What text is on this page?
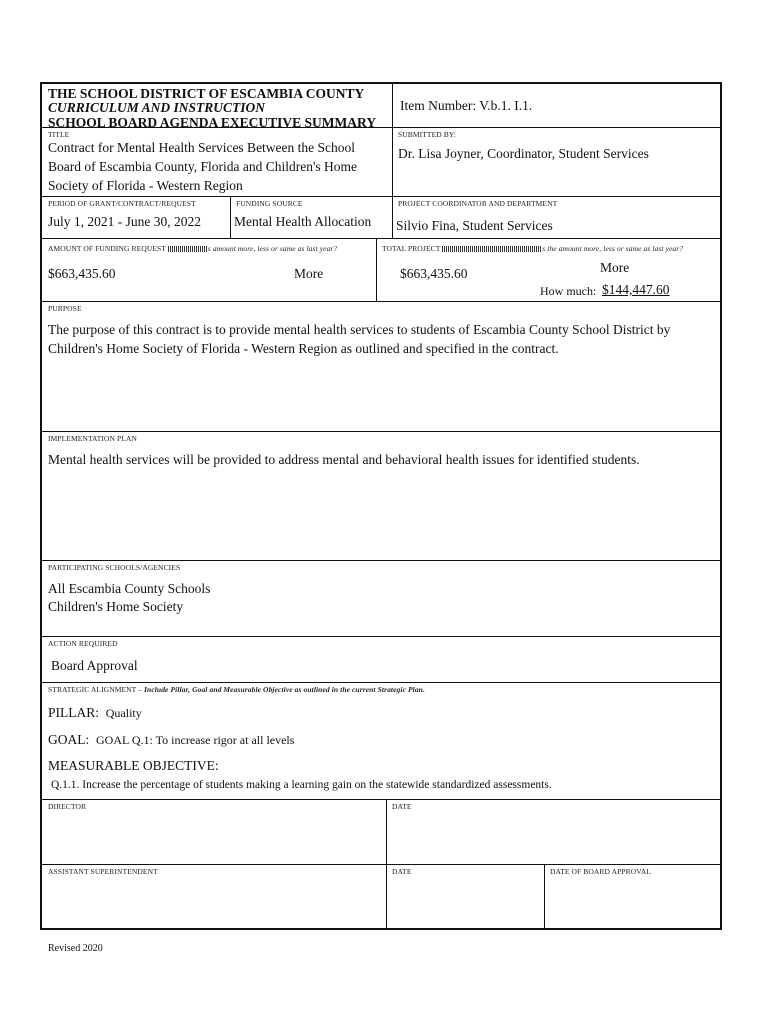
THE SCHOOL DISTRICT OF ESCAMBIA COUNTY
CURRICULUM AND INSTRUCTION
SCHOOL BOARD AGENDA EXECUTIVE SUMMARY
Item Number: V.b.1. I.1.
TITLE
Contract for Mental Health Services Between the School
Board of Escambia County, Florida and Children's Home
Society of Florida - Western Region
SUBMITTED BY:
Dr. Lisa Joyner, Coordinator, Student Services
PERIOD OF GRANT/CONTRACT/REQUEST
July 1, 2021 - June 30, 2022
FUNDING SOURCE
Mental Health Allocation
PROJECT COORDINATOR AND DEPARTMENT
Silvio Fina, Student Services
AMOUNT OF FUNDING REQUEST	s amount more, less or same as last year?
$663,435.60	More
TOTAL PROJECT	s the amount more, less or same as last year?
$663,435.60	More
How much: $144,447.60
PURPOSE
The purpose of this contract is to provide mental health services to students of Escambia County School District by
Children's Home Society of Florida - Western Region as outlined and specified in the contract.
IMPLEMENTATION PLAN
Mental health services will be provided to address mental and behavioral health issues for identified students.
PARTICIPATING SCHOOLS/AGENCIES
All Escambia County Schools
Children's Home Society
ACTION REQUIRED
Board Approval
STRATEGIC ALIGNMENT – Include Pillar, Goal and Measurable Objective as outlined in the current Strategic Plan.
PILLAR: Quality
GOAL: GOAL Q.1: To increase rigor at all levels
MEASURABLE OBJECTIVE:
Q.1.1. Increase the percentage of students making a learning gain on the statewide standardized assessments.
DIRECTOR	DATE
ASSISTANT SUPERINTENDENT	DATE	DATE OF BOARD APPROVAL
Revised 2020
